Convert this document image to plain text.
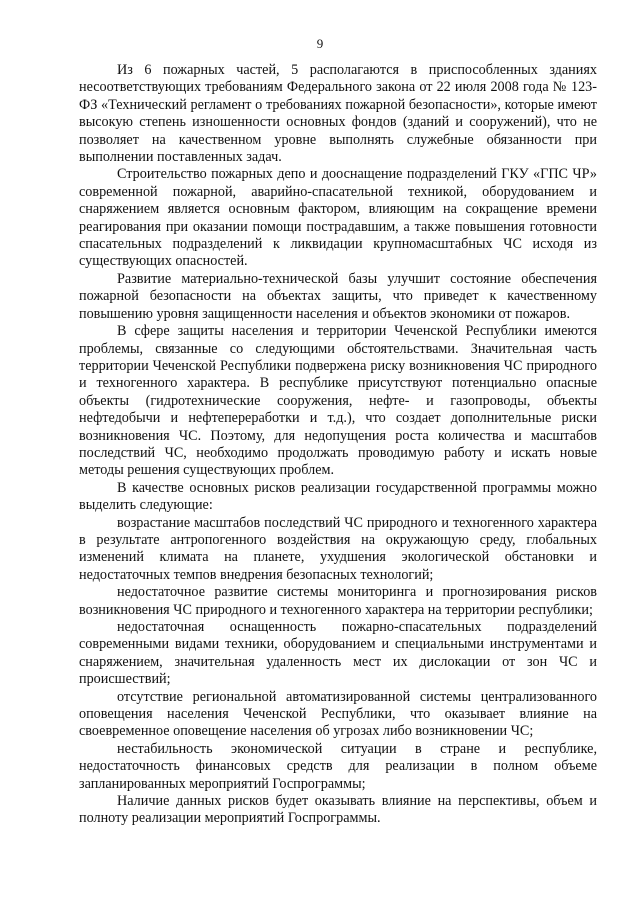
9

Из 6 пожарных частей, 5 располагаются в приспособленных зданиях несоответствующих требованиям Федерального закона от 22 июля 2008 года № 123-ФЗ «Технический регламент о требованиях пожарной безопасности», которые имеют высокую степень изношенности основных фондов (зданий и сооружений), что не позволяет на качественном уровне выполнять служебные обязанности при выполнении поставленных задач.

Строительство пожарных депо и дооснащение подразделений ГКУ «ГПС ЧР» современной пожарной, аварийно-спасательной техникой, оборудованием и снаряжением является основным фактором, влияющим на сокращение времени реагирования при оказании помощи пострадавшим, а также повышения готовности спасательных подразделений к ликвидации крупномасштабных ЧС исходя из существующих опасностей.

Развитие материально-технической базы улучшит состояние обеспечения пожарной безопасности на объектах защиты, что приведет к качественному повышению уровня защищенности населения и объектов экономики от пожаров.

В сфере защиты населения и территории Чеченской Республики имеются проблемы, связанные со следующими обстоятельствами. Значительная часть территории Чеченской Республики подвержена риску возникновения ЧС природного и техногенного характера. В республике присутствуют потенциально опасные объекты (гидротехнические сооружения, нефте- и газопроводы, объекты нефтедобычи и нефтепереработки и т.д.), что создает дополнительные риски возникновения ЧС. Поэтому, для недопущения роста количества и масштабов последствий ЧС, необходимо продолжать проводимую работу и искать новые методы решения существующих проблем.

В качестве основных рисков реализации государственной программы можно выделить следующие:

возрастание масштабов последствий ЧС природного и техногенного характера в результате антропогенного воздействия на окружающую среду, глобальных изменений климата на планете, ухудшения экологической обстановки и недостаточных темпов внедрения безопасных технологий;

недостаточное развитие системы мониторинга и прогнозирования рисков возникновения ЧС природного и техногенного характера на территории республики;

недостаточная оснащенность пожарно-спасательных подразделений современными видами техники, оборудованием и специальными инструментами и снаряжением, значительная удаленность мест их дислокации от зон ЧС и происшествий;

отсутствие региональной автоматизированной системы централизованного оповещения населения Чеченской Республики, что оказывает влияние на своевременное оповещение населения об угрозах либо возникновении ЧС;

нестабильность экономической ситуации в стране и республике, недостаточность финансовых средств для реализации в полном объеме запланированных мероприятий Госпрограммы;

Наличие данных рисков будет оказывать влияние на перспективы, объем и полноту реализации мероприятий Госпрограммы.
